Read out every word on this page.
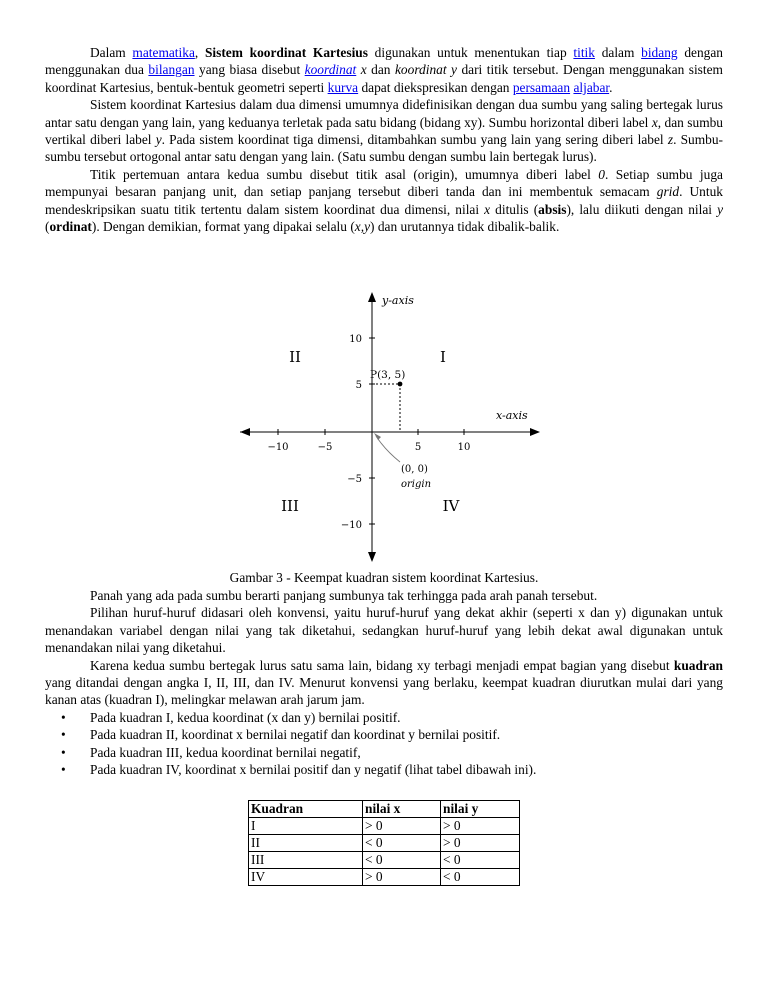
Dalam matematika, Sistem koordinat Kartesius digunakan untuk menentukan tiap titik dalam bidang dengan menggunakan dua bilangan yang biasa disebut koordinat x dan koordinat y dari titik tersebut. Dengan menggunakan sistem koordinat Kartesius, bentuk-bentuk geometri seperti kurva dapat diekspresikan dengan persamaan aljabar.

Sistem koordinat Kartesius dalam dua dimensi umumnya didefinisikan dengan dua sumbu yang saling bertegak lurus antar satu dengan yang lain, yang keduanya terletak pada satu bidang (bidang xy). Sumbu horizontal diberi label x, dan sumbu vertikal diberi label y. Pada sistem koordinat tiga dimensi, ditambahkan sumbu yang lain yang sering diberi label z. Sumbu-sumbu tersebut ortogonal antar satu dengan yang lain. (Satu sumbu dengan sumbu lain bertegak lurus).

Titik pertemuan antara kedua sumbu disebut titik asal (origin), umumnya diberi label 0. Setiap sumbu juga mempunyai besaran panjang unit, dan setiap panjang tersebut diberi tanda dan ini membentuk semacam grid. Untuk mendeskripsikan suatu titik tertentu dalam sistem koordinat dua dimensi, nilai x ditulis (absis), lalu diikuti dengan nilai y (ordinat). Dengan demikian, format yang dipakai selalu (x,y) dan urutannya tidak dibalik-balik.

−10	−5	5	10
10
5
−5
−10
y-axis
x-axis
I
II
III	IV
P(3, 5)
(0, 0)
origin
Gambar 3 - Keempat kuadran sistem koordinat Kartesius.

Panah yang ada pada sumbu berarti panjang sumbunya tak terhingga pada arah panah tersebut.

Pilihan huruf-huruf didasari oleh konvensi, yaitu huruf-huruf yang dekat akhir (seperti x dan y) digunakan untuk menandakan variabel dengan nilai yang tak diketahui, sedangkan huruf-huruf yang lebih dekat awal digunakan untuk menandakan nilai yang diketahui.

Karena kedua sumbu bertegak lurus satu sama lain, bidang xy terbagi menjadi empat bagian yang disebut kuadran yang ditandai dengan angka I, II, III, dan IV. Menurut konvensi yang berlaku, keempat kuadran diurutkan mulai dari yang kanan atas (kuadran I), melingkar melawan arah jarum jam.

• Pada kuadran I, kedua koordinat (x dan y) bernilai positif.
• Pada kuadran II, koordinat x bernilai negatif dan koordinat y bernilai positif.
• Pada kuadran III, kedua koordinat bernilai negatif,
• Pada kuadran IV, koordinat x bernilai positif dan y negatif (lihat tabel dibawah ini).
Kuadran	nilai x	nilai y
I	> 0	> 0
II	< 0	> 0
III	< 0	< 0
IV	> 0	< 0
